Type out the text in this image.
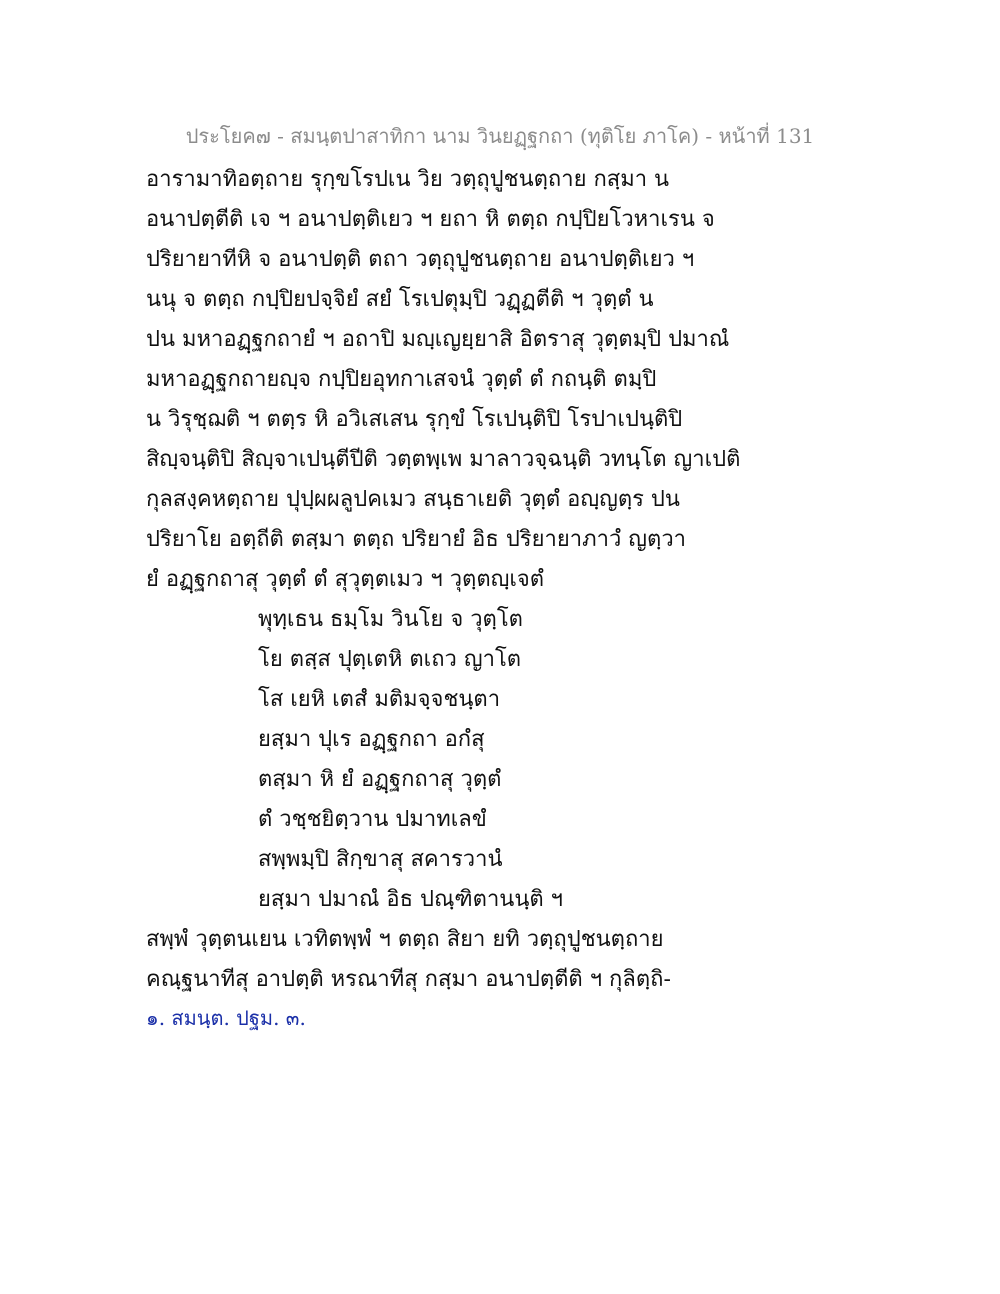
ประโยค๗ - สมนฺตปาสาทิกา นาม วินยฏฺฐกถา (ทุติโย ภาโค) - หน้าที่ 131
อารามาทิอตฺถาย รุกฺขโรปเน วิย วตฺถุปูชนตฺถาย กสฺมา น
อนาปตฺตีติ เจ ฯ อนาปตฺติเยว ฯ ยถา หิ ตตฺถ กปฺปิยโวหาเรน จ
ปริยายาทีหิ จ อนาปตฺติ ตถา วตฺถุปูชนตฺถาย อนาปตฺติเยว ฯ
นนุ จ ตตฺถ กปฺปิยปจฺจิยํ สยํ โรเปตุมฺปิ วฏฺฏตีติ ฯ วุตฺตํ น
ปน มหาอฏฺฐกถายํ ฯ อถาปิ มญฺเญยฺยาสิ อิตราสุ วุตฺตมฺปิ ปมาณํ
มหาอฏฺฐกถายญฺจ กปฺปิยอุทกาเสจนํ วุตฺตํ ตํ กถนฺติ ตมฺปิ
น วิรุชฺฌติ ฯ ตตฺร หิ อวิเสเสน รุกฺขํ โรเปนฺติปิ โรปาเปนฺติปิ
สิญฺจนฺติปิ สิญฺจาเปนฺตีปีติ วตฺตพฺเพ มาลาวจฺฉนฺติ วทนฺโต ญาเปติ
กุลสงฺคหตฺถาย ปุปฺผผลูปคเมว สนฺธาเยติ วุตฺตํ อญฺญตฺร ปน
ปริยาโย อตฺถีติ ตสฺมา ตตฺถ ปริยายํ อิธ ปริยายาภาวํ ญตฺวา
ยํ อฏฺฐกถาสุ วุตฺตํ ตํ สุวุตฺตเมว ฯ วุตฺตญฺเจตํ
พุทฺเธน ธมฺโม วินโย จ วุตฺโต
โย ตสฺส ปุตฺเตหิ ตเถว ญาโต
โส เยหิ เตสํ มติมจฺจชนฺตา
ยสฺมา ปุเร อฏฺฐกถา อกํสุ
ตสฺมา หิ ยํ อฏฺฐกถาสุ วุตฺตํ
ตํ วชฺชยิตฺวาน ปมาทเลขํ
สพฺพมฺปิ สิกฺขาสุ สคารวานํ
ยสฺมา ปมาณํ อิธ ปณฺฑิตานนฺติ ฯ
สพฺพํ วุตฺตนเยน เวทิตพฺพํ ฯ ตตฺถ สิยา ยทิ วตฺถุปูชนตฺถาย
คณฺฐนาทีสุ อาปตฺติ หรณาทีสุ กสฺมา อนาปตฺตีติ ฯ กุลิตฺถิ-
๑. สมนฺต. ปฐม. ๓.
